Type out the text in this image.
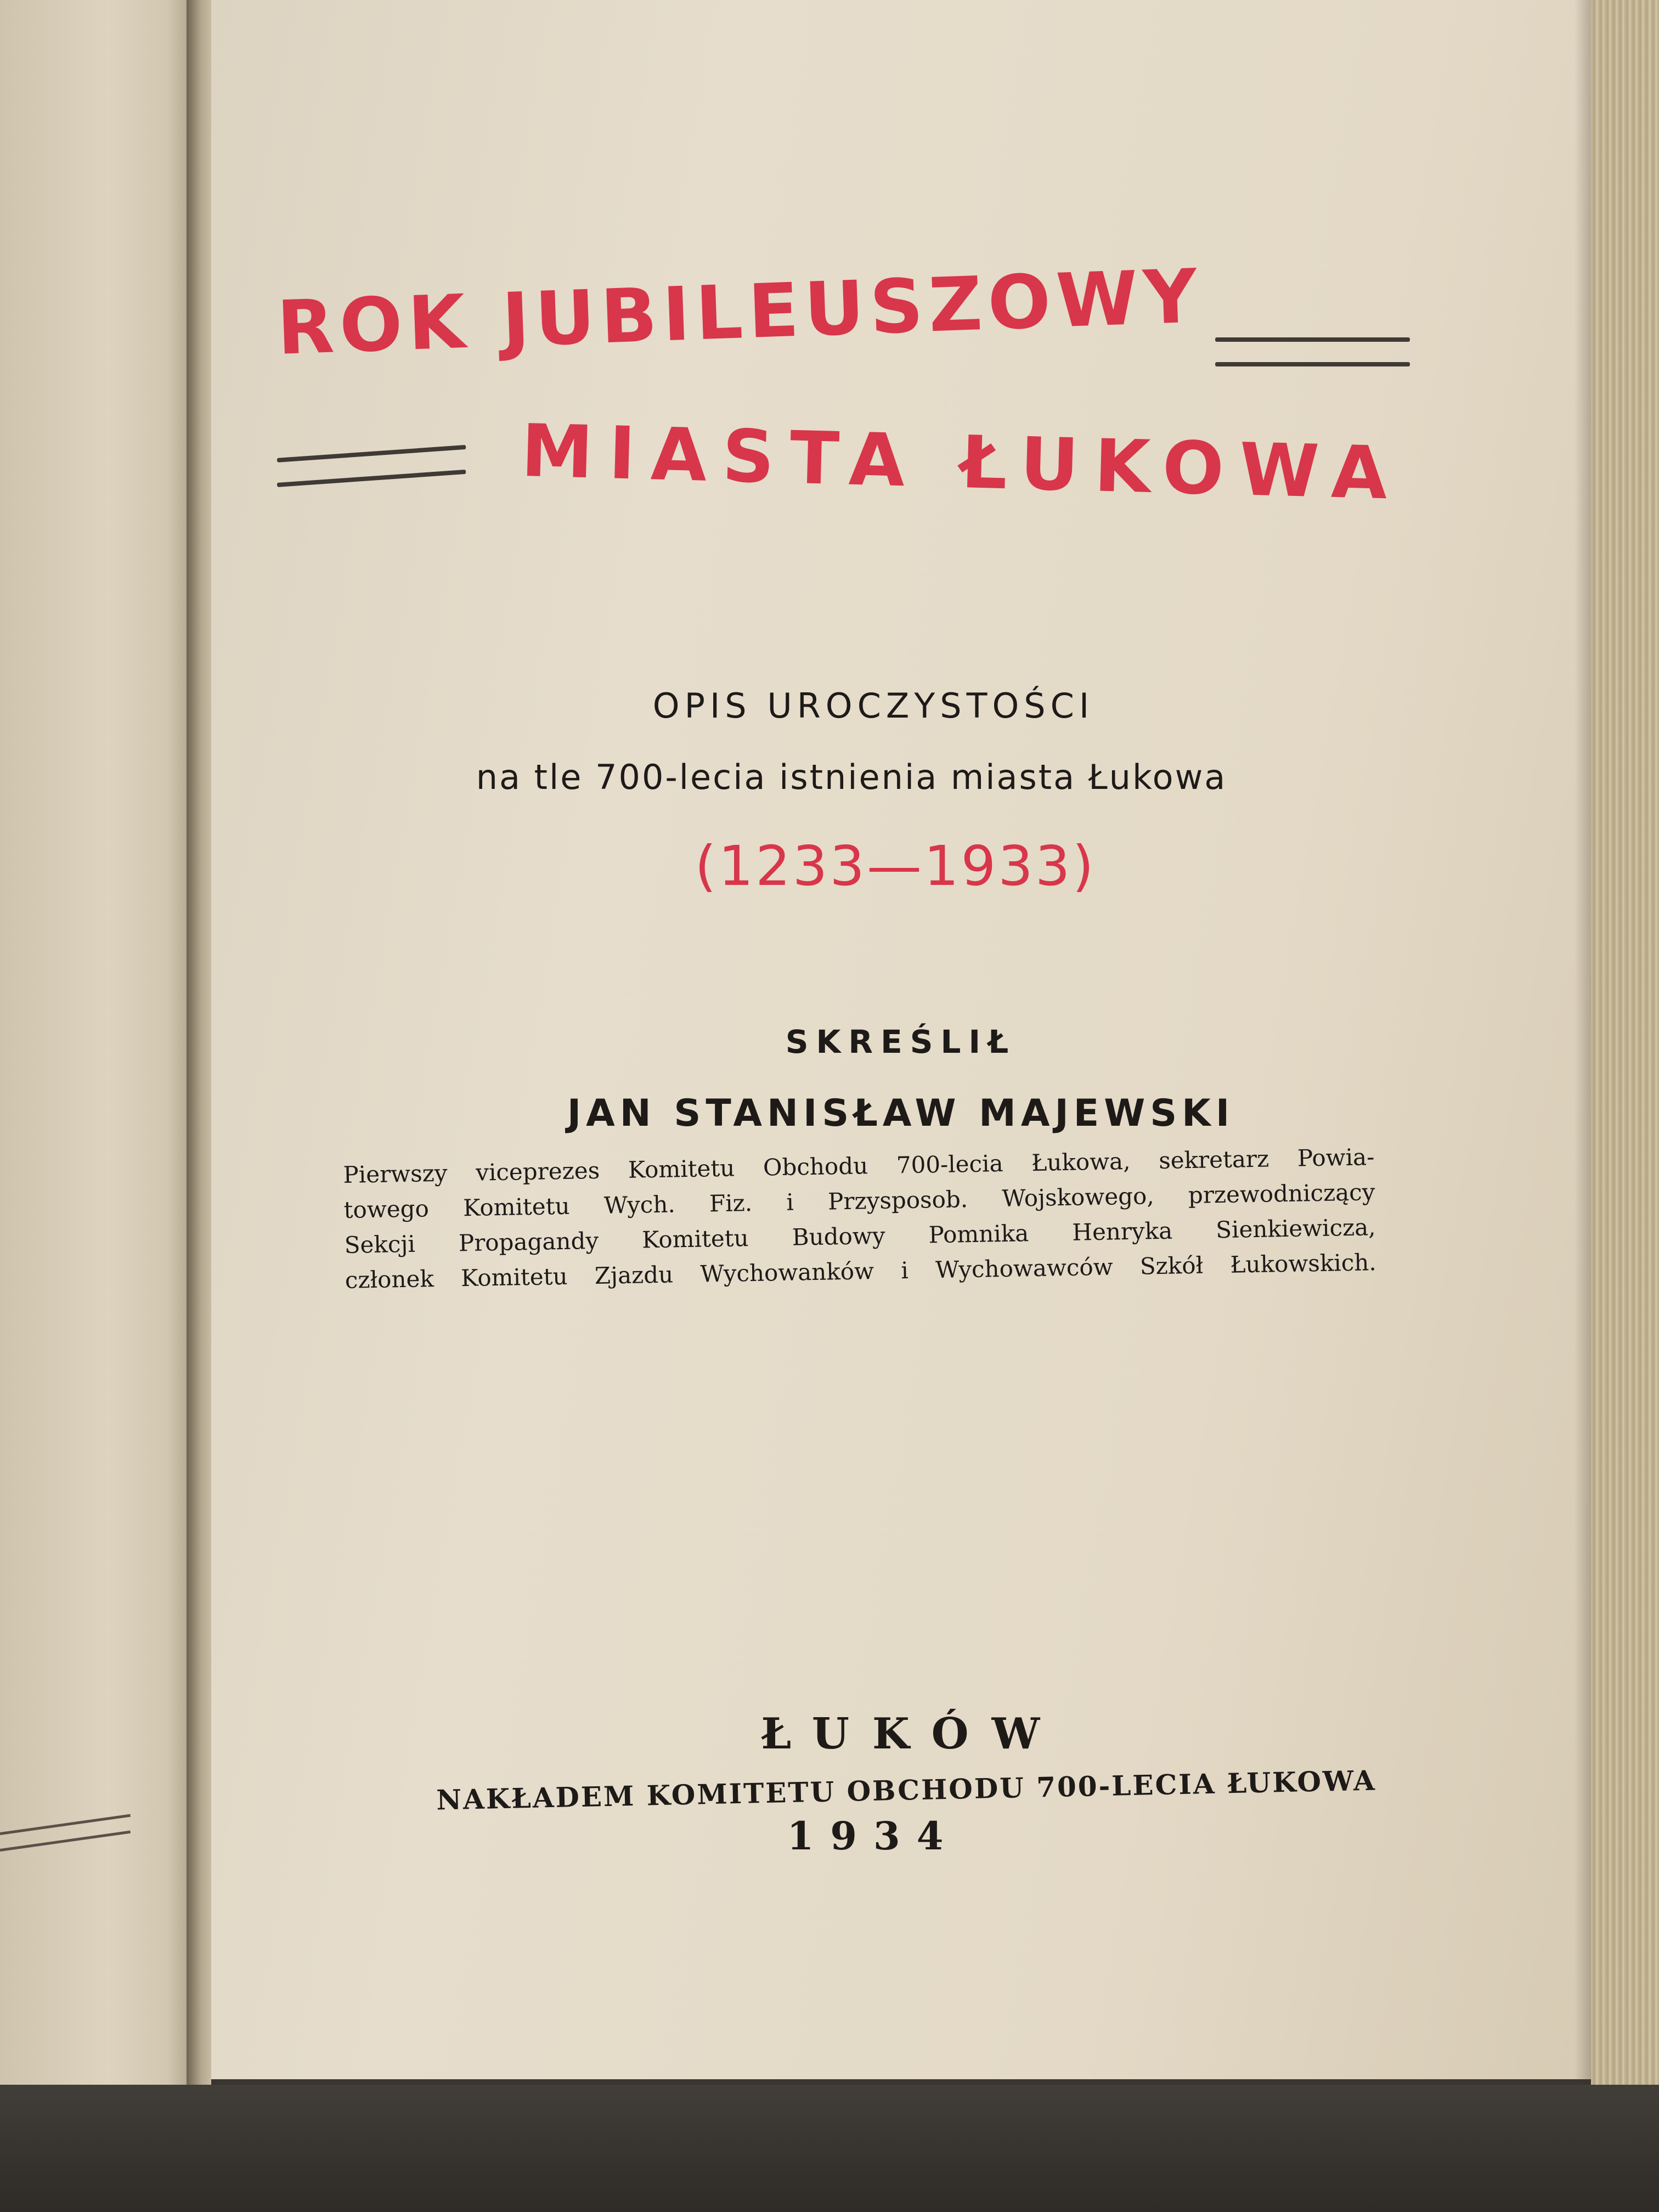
ROK JUBILEUSZOWY
MIASTA ŁUKOWA
OPIS UROCZYSTOŚCI
na tle 700-lecia istnienia miasta Łukowa
(1233—1933)
SKREŚLIŁ
JAN STANISŁAW MAJEWSKI
Pierwszy viceprezes Komitetu Obchodu 700-lecia Łukowa, sekretarz Powia-
towego Komitetu Wych. Fiz. i Przysposob. Wojskowego, przewodniczący
Sekcji Propagandy Komitetu Budowy Pomnika Henryka Sienkiewicza,
członek Komitetu Zjazdu Wychowanków i Wychowawców Szkół Łukowskich.
ŁUKÓW
NAKŁADEM KOMITETU OBCHODU 700-LECIA ŁUKOWA
1934
